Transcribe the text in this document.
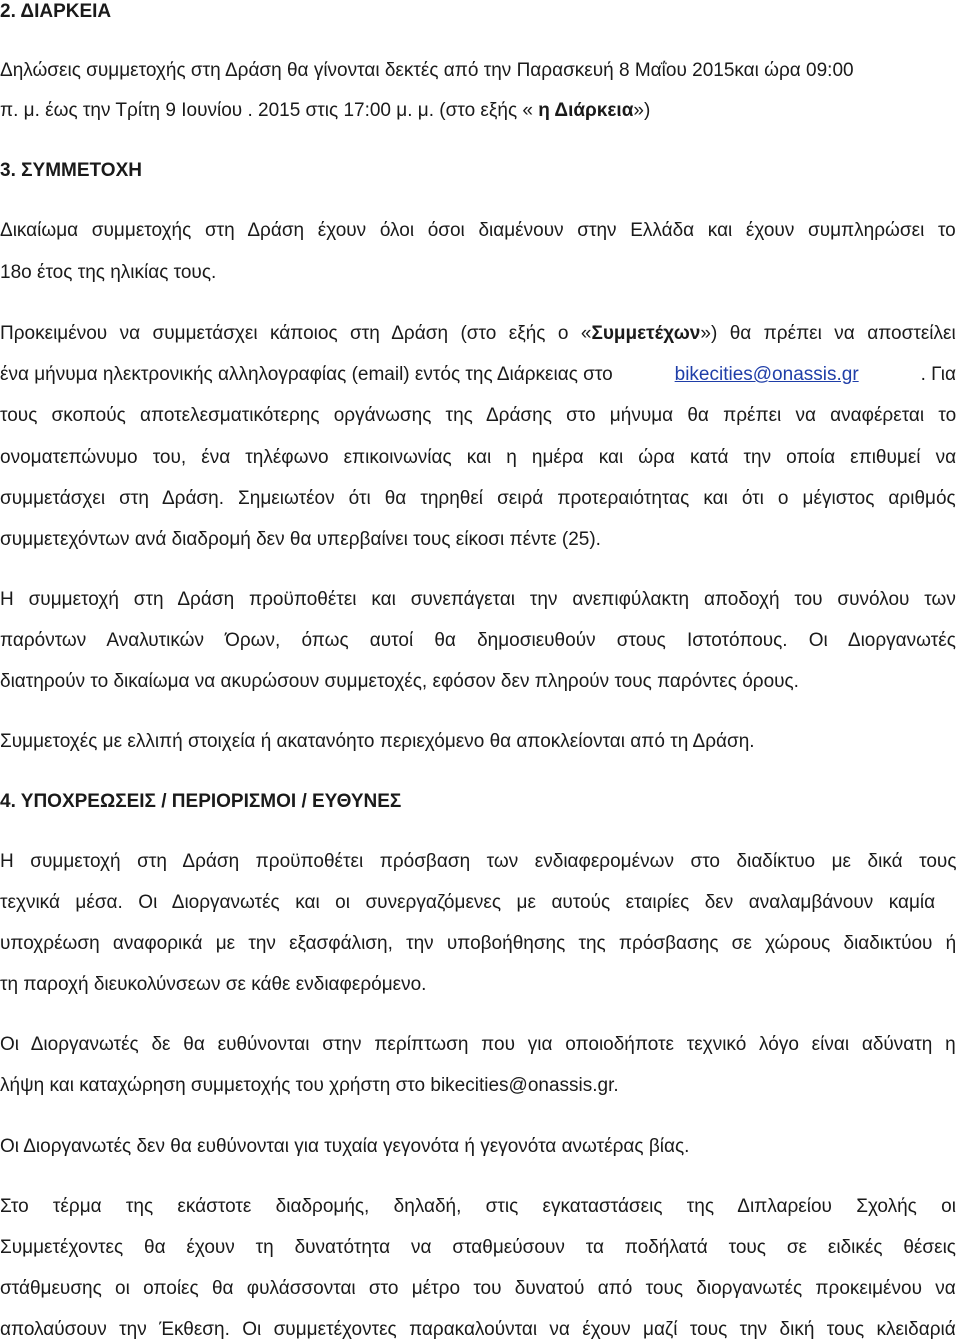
2. ΔΙΑΡΚΕΙΑ
Δηλώσεις συμμετοχής στη Δράση θα γίνονται δεκτές από την Παρασκευή 8 Μαΐου 2015και ώρα 09:00
π. μ. έως την Τρίτη 9 Ιουνίου . 2015 στις 17:00 μ. μ. (στο εξής « η Διάρκεια»)
3. ΣΥΜΜΕΤΟΧΗ
Δικαίωμα συμμετοχής στη Δράση έχουν όλοι όσοι διαμένουν στην Ελλάδα και έχουν συμπληρώσει το
18ο έτος της ηλικίας τους.
Προκειμένου να συμμετάσχει κάποιος στη Δράση (στο εξής ο «Συμμετέχων») θα πρέπει να αποστείλει
ένα μήνυμα ηλεκτρονικής αλληλογραφίας (email) εντός της Διάρκειας στο	bikecities@onassis.gr	. Για
τους σκοπούς αποτελεσματικότερης οργάνωσης της Δράσης στο μήνυμα θα πρέπει να αναφέρεται το
ονοματεπώνυμο του, ένα τηλέφωνο επικοινωνίας και η ημέρα και ώρα κατά την οποία επιθυμεί να
συμμετάσχει στη Δράση. Σημειωτέον ότι θα τηρηθεί σειρά προτεραιότητας και ότι ο μέγιστος αριθμός
συμμετεχόντων ανά διαδρομή δεν θα υπερβαίνει τους είκοσι πέντε (25).
Η συμμετοχή στη Δράση προϋποθέτει και συνεπάγεται την ανεπιφύλακτη αποδοχή του συνόλου των
παρόντων Αναλυτικών Όρων, όπως αυτοί θα δημοσιευθούν στους Ιστοτόπους. Οι Διοργανωτές
διατηρούν το δικαίωμα να ακυρώσουν συμμετοχές, εφόσον δεν πληρούν τους παρόντες όρους.
Συμμετοχές με ελλιπή στοιχεία ή ακατανόητο περιεχόμενο θα αποκλείονται από τη Δράση.
4. ΥΠΟΧΡΕΩΣΕΙΣ / ΠΕΡΙΟΡΙΣΜΟΙ / ΕΥΘΥΝΕΣ
Η συμμετοχή στη Δράση προϋποθέτει πρόσβαση των ενδιαφερομένων στο διαδίκτυο με δικά τους
τεχνικά μέσα. Οι Διοργανωτές και οι συνεργαζόμενες με αυτούς εταιρίες δεν αναλαμβάνουν καμία
υποχρέωση αναφορικά με την εξασφάλιση, την υποβοήθησης της πρόσβασης σε χώρους διαδικτύου ή
τη παροχή διευκολύνσεων σε κάθε ενδιαφερόμενο.
Οι Διοργανωτές δε θα ευθύνονται στην περίπτωση που για οποιοδήποτε τεχνικό λόγο είναι αδύνατη η
λήψη και καταχώρηση συμμετοχής του χρήστη στο bikecities@onassis.gr.
Οι Διοργανωτές δεν θα ευθύνονται για τυχαία γεγονότα ή γεγονότα ανωτέρας βίας.
Στο τέρμα της εκάστοτε διαδρομής, δηλαδή, στις εγκαταστάσεις της Διπλαρείου Σχολής οι
Συμμετέχοντες θα έχουν τη δυνατότητα να σταθμεύσουν τα ποδήλατά τους σε ειδικές θέσεις
στάθμευσης οι οποίες θα φυλάσσονται στο μέτρο του δυνατού από τους διοργανωτές προκειμένου να
απολαύσουν την Έκθεση. Οι συμμετέχοντες παρακαλούνται να έχουν μαζί τους την δική τους κλειδαριά
